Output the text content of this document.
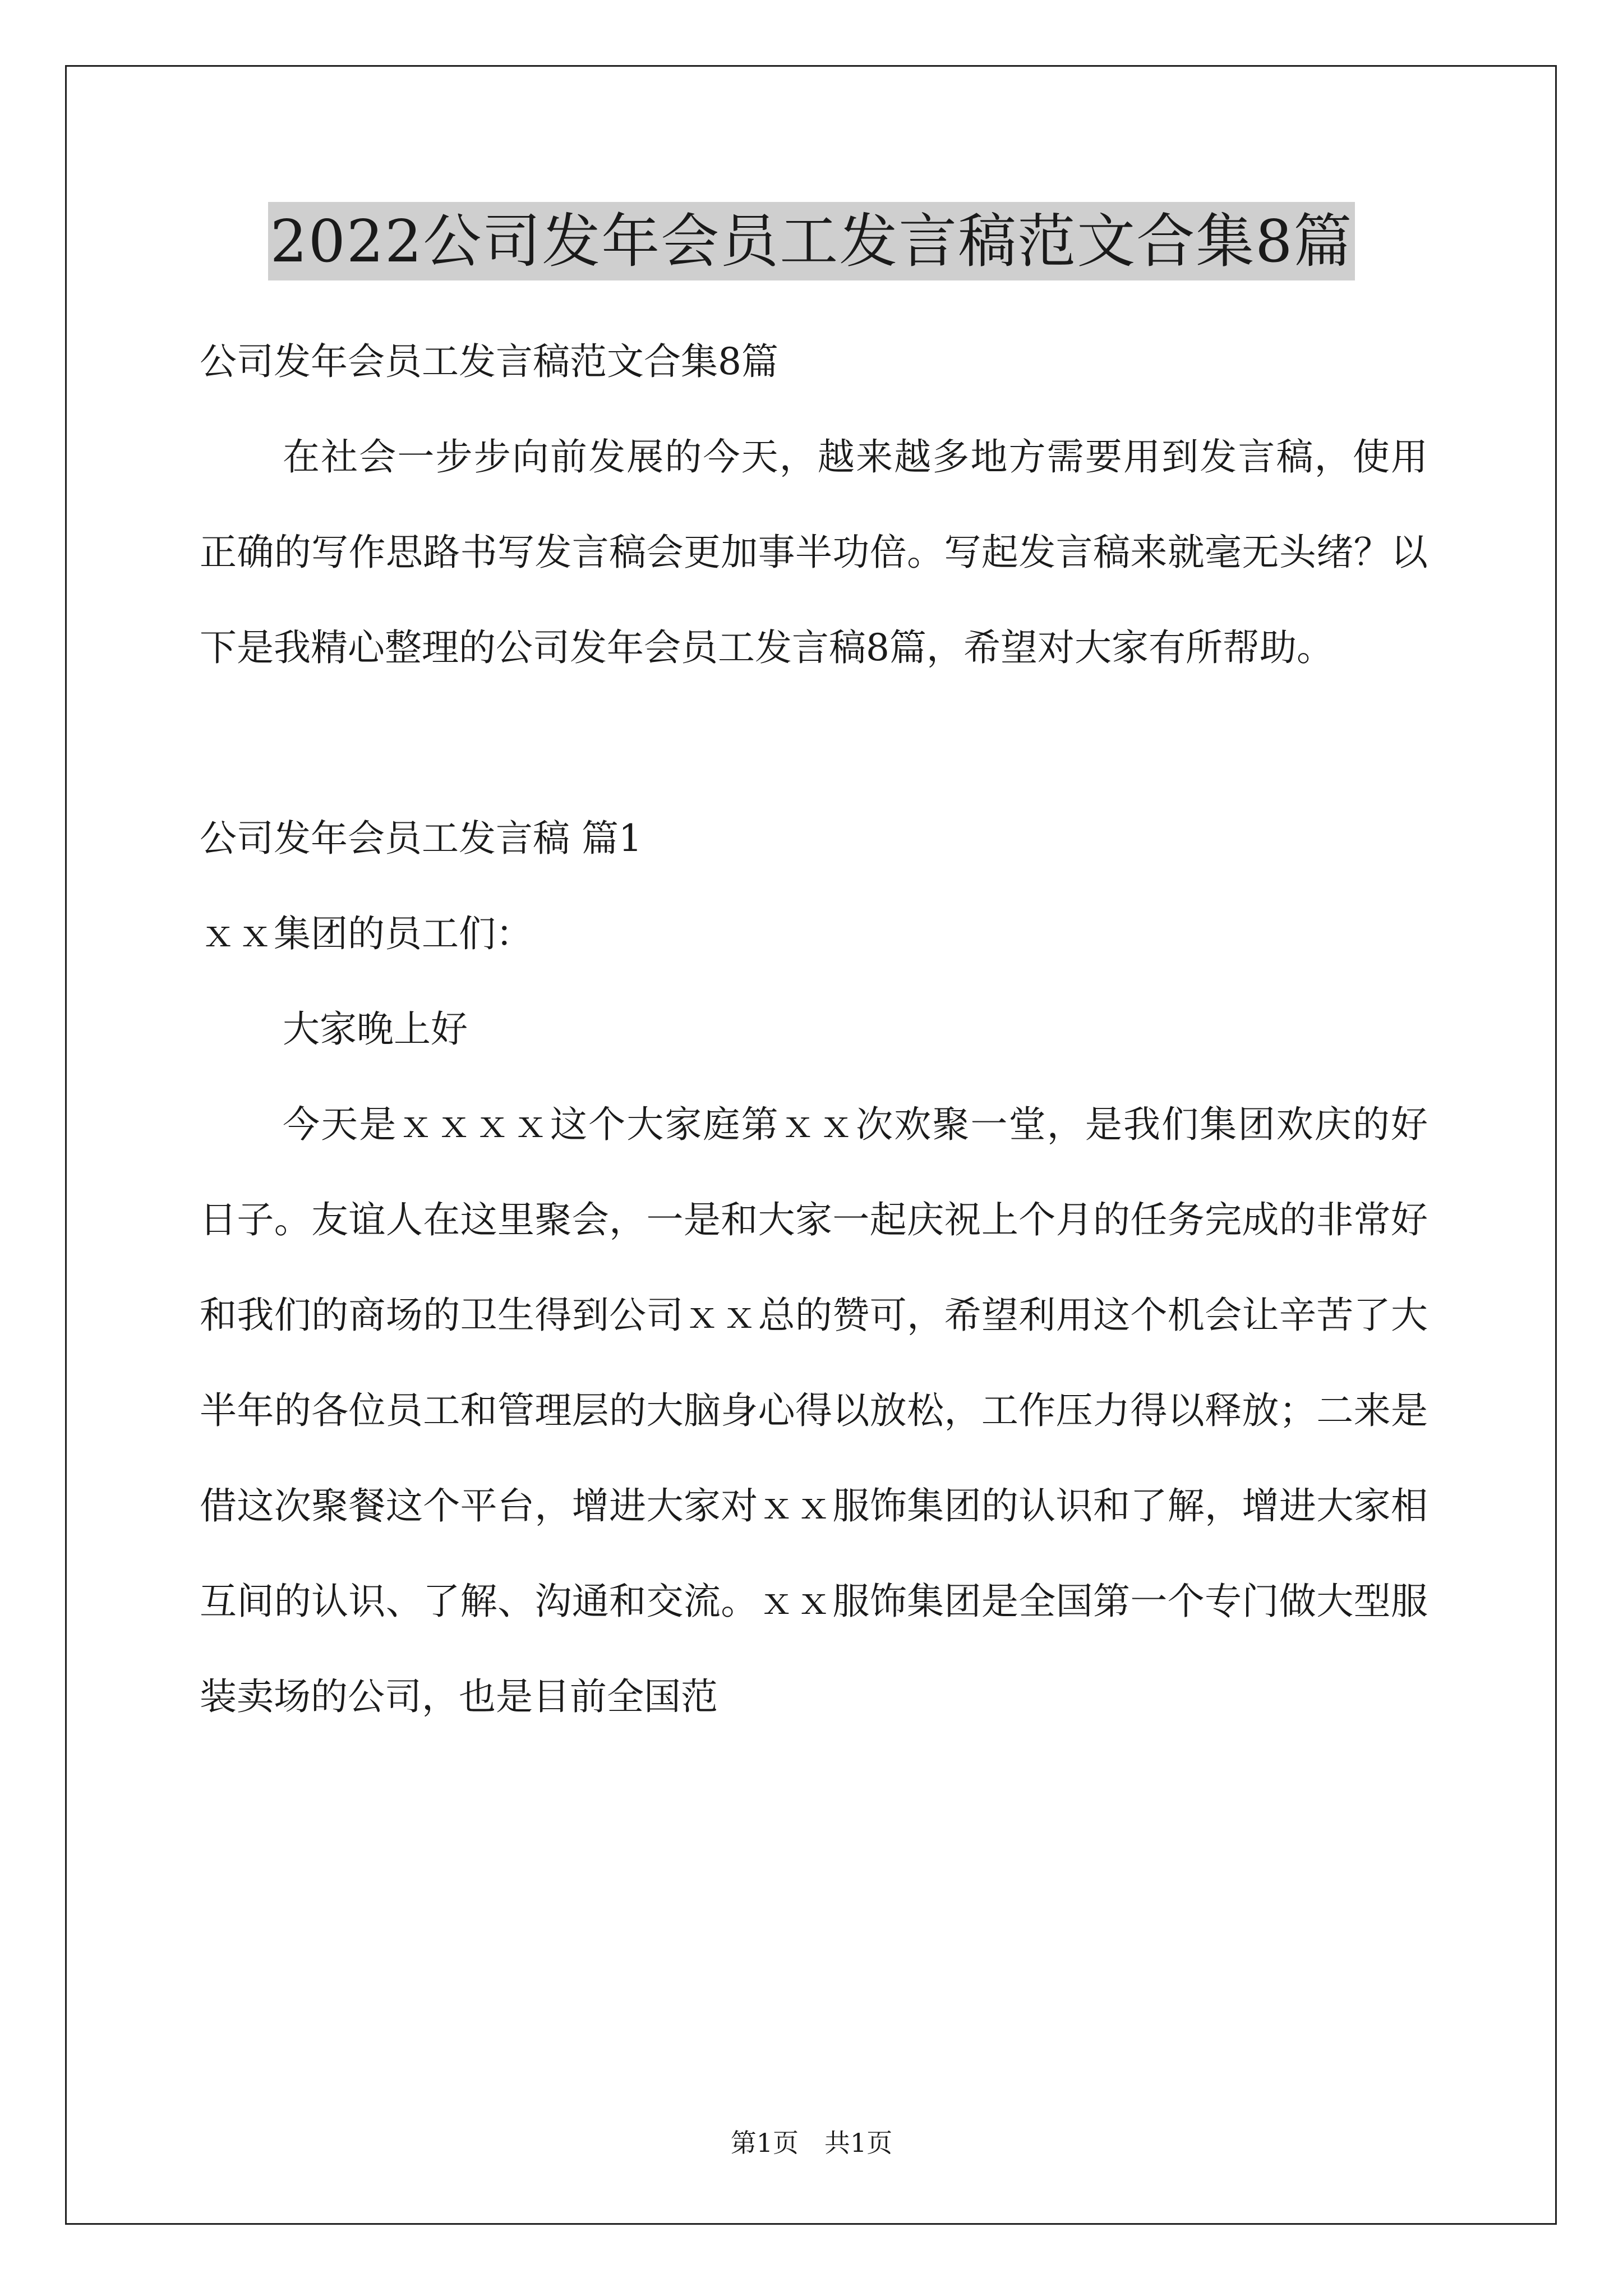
2022公司发年会员工发言稿范文合集8篇

公司发年会员工发言稿范文合集8篇

在社会一步步向前发展的今天，越来越多地方需要用到发言稿，使用正确的写作思路书写发言稿会更加事半功倍。写起发言稿来就毫无头绪？以下是我精心整理的公司发年会员工发言稿8篇，希望对大家有所帮助。

公司发年会员工发言稿 篇1

ｘｘ集团的员工们：

大家晚上好

今天是ｘｘｘｘ这个大家庭第ｘｘ次欢聚一堂，是我们集团欢庆的好日子。友谊人在这里聚会，一是和大家一起庆祝上个月的任务完成的非常好和我们的商场的卫生得到公司ｘｘ总的赞可，希望利用这个机会让辛苦了大半年的各位员工和管理层的大脑身心得以放松，工作压力得以释放；二来是借这次聚餐这个平台，增进大家对ｘｘ服饰集团的认识和了解，增进大家相互间的认识、了解、沟通和交流。ｘｘ服饰集团是全国第一个专门做大型服装卖场的公司，也是目前全国范

第1页　共1页
